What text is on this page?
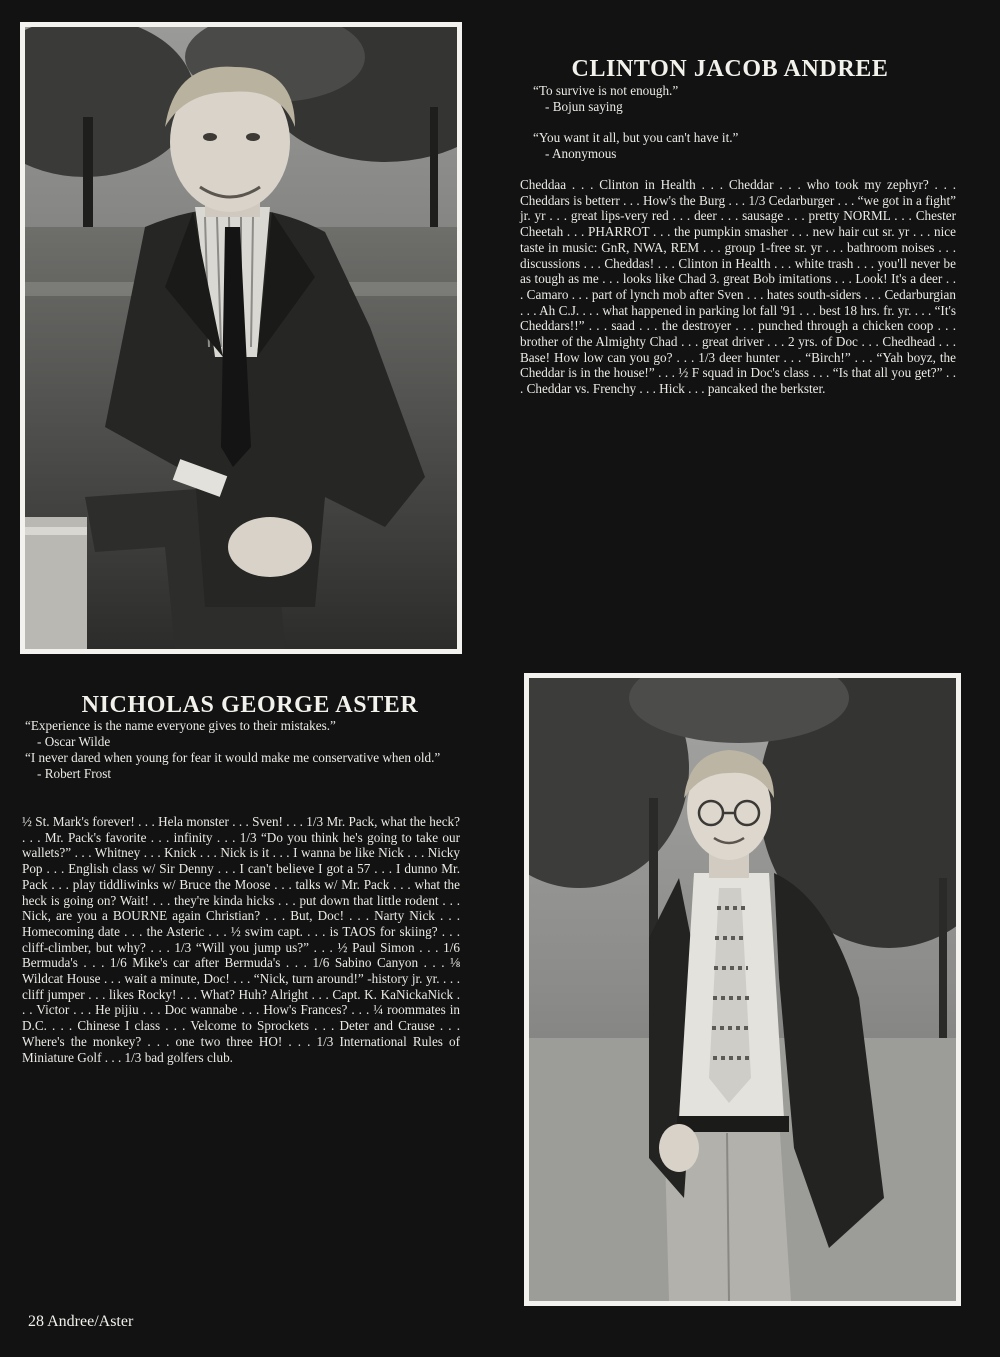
CLINTON JACOB ANDREE

“To survive is not enough.”

- Bojun saying

“You want it all, but you can't have it.”

- Anonymous

Cheddaa . . . Clinton in Health . . . Cheddar . . . who took my zephyr? . . . Cheddars is betterr . . . How's the Burg . . . 1/3 Cedarburger . . . “we got in a fight” jr. yr . . . great lips-very red . . . deer . . . sausage . . . pretty NORML . . . Chester Cheetah . . . PHARROT . . . the pumpkin smasher . . . new hair cut sr. yr . . . nice taste in music: GnR, NWA, REM . . . group 1-free sr. yr . . . bathroom noises . . . discussions . . . Cheddas! . . . Clinton in Health . . . white trash . . . you'll never be as tough as me . . . looks like Chad 3. great Bob imitations . . . Look! It's a deer . . . Camaro . . . part of lynch mob after Sven . . . hates south-siders . . . Cedarburgian . . . Ah C.J. . . . what happened in parking lot fall '91 . . . best 18 hrs. fr. yr. . . . “It's Cheddars!!” . . . saad . . . the destroyer . . . punched through a chicken coop . . . brother of the Almighty Chad . . . great driver . . . 2 yrs. of Doc . . . Chedhead . . . Base! How low can you go? . . . 1/3 deer hunter . . . “Birch!” . . . “Yah boyz, the Cheddar is in the house!” . . . ½ F squad in Doc's class . . . “Is that all you get?” . . . Cheddar vs. Frenchy . . . Hick . . . pancaked the berkster.

NICHOLAS GEORGE ASTER

“Experience is the name everyone gives to their mistakes.”

- Oscar Wilde

“I never dared when young for fear it would make me conservative when old.”

- Robert Frost

½ St. Mark's forever! . . . Hela monster . . . Sven! . . . 1/3 Mr. Pack, what the heck? . . . Mr. Pack's favorite . . . infinity . . . 1/3 “Do you think he's going to take our wallets?” . . . Whitney . . . Knick . . . Nick is it . . . I wanna be like Nick . . . Nicky Pop . . . English class w/ Sir Denny . . . I can't believe I got a 57 . . . I dunno Mr. Pack . . . play tiddliwinks w/ Bruce the Moose . . . talks w/ Mr. Pack . . . what the heck is going on? Wait! . . . they're kinda hicks . . . put down that little rodent . . . Nick, are you a BOURNE again Christian? . . . But, Doc! . . . Narty Nick . . . Homecoming date . . . the Asteric . . . ½ swim capt. . . . is TAOS for skiing? . . . cliff-climber, but why? . . . 1/3 “Will you jump us?” . . . ½ Paul Simon . . . 1/6 Bermuda's . . . 1/6 Mike's car after Bermuda's . . . 1/6 Sabino Canyon . . . ⅛ Wildcat House . . . wait a minute, Doc! . . . “Nick, turn around!” -history jr. yr. . . . cliff jumper . . . likes Rocky! . . . What? Huh? Alright . . . Capt. K. KaNickaNick . . . Victor . . . He pijiu . . . Doc wannabe . . . How's Frances? . . . ¼ roommates in D.C. . . . Chinese I class . . . Velcome to Sprockets . . . Deter and Crause . . . Where's the monkey? . . . one two three HO! . . . 1/3 International Rules of Miniature Golf . . . 1/3 bad golfers club.

28 Andree/Aster
